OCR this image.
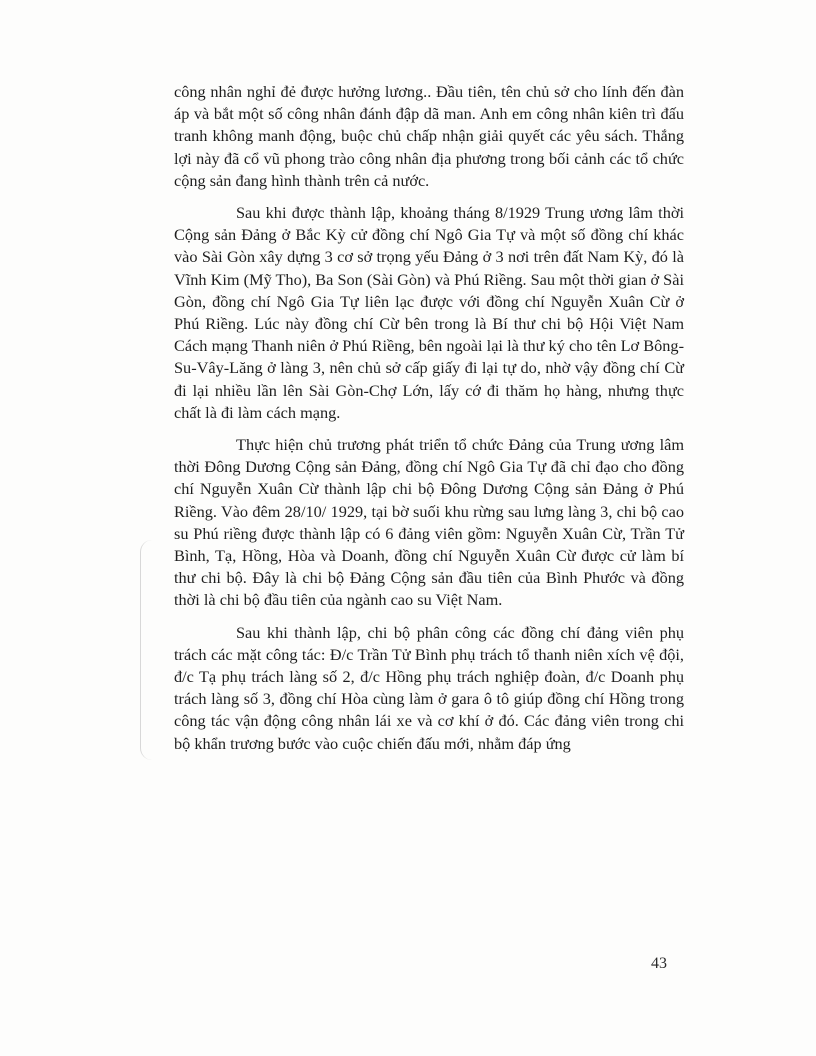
công nhân nghỉ đẻ được hưởng lương.. Đầu tiên, tên chủ sở cho lính đến đàn áp và bắt một số công nhân đánh đập dã man. Anh em công nhân kiên trì đấu tranh không manh động, buộc chủ chấp nhận giải quyết các yêu sách. Thắng lợi này đã cổ vũ phong trào công nhân địa phương trong bối cảnh các tổ chức cộng sản đang hình thành trên cả nước.

Sau khi được thành lập, khoảng tháng 8/1929 Trung ương lâm thời Cộng sản Đảng ở Bắc Kỳ cử đồng chí Ngô Gia Tự và một số đồng chí khác vào Sài Gòn xây dựng 3 cơ sở trọng yếu Đảng ở 3 nơi trên đất Nam Kỳ, đó là Vĩnh Kim (Mỹ Tho), Ba Son (Sài Gòn) và Phú Riềng. Sau một thời gian ở Sài Gòn, đồng chí Ngô Gia Tự liên lạc được với đồng chí Nguyễn Xuân Cừ ở Phú Riềng. Lúc này đồng chí Cừ bên trong là Bí thư chi bộ Hội Việt Nam Cách mạng Thanh niên ở Phú Riềng, bên ngoài lại là thư ký cho tên Lơ Bông-Su-Vây-Lăng ở làng 3, nên chủ sở cấp giấy đi lại tự do, nhờ vậy đồng chí Cừ đi lại nhiều lần lên Sài Gòn-Chợ Lớn, lấy cớ đi thăm họ hàng, nhưng thực chất là đi làm cách mạng.

Thực hiện chủ trương phát triển tổ chức Đảng của Trung ương lâm thời Đông Dương Cộng sản Đảng, đồng chí Ngô Gia Tự đã chỉ đạo cho đồng chí Nguyễn Xuân Cừ thành lập chi bộ Đông Dương Cộng sản Đảng ở Phú Riềng. Vào đêm 28/10/ 1929, tại bờ suối khu rừng sau lưng làng 3, chi bộ cao su Phú riềng được thành lập có 6 đảng viên gồm: Nguyễn Xuân Cừ, Trần Tử Bình, Tạ, Hồng, Hòa và Doanh, đồng chí Nguyễn Xuân Cừ được cử làm bí thư chi bộ. Đây là chi bộ Đảng Cộng sản đầu tiên của Bình Phước và đồng thời là chi bộ đầu tiên của ngành cao su Việt Nam.

Sau khi thành lập, chi bộ phân công các đồng chí đảng viên phụ trách các mặt công tác: Đ/c Trần Tử Bình phụ trách tổ thanh niên xích vệ đội, đ/c Tạ phụ trách làng số 2, đ/c Hồng phụ trách nghiệp đoàn, đ/c Doanh phụ trách làng số 3, đồng chí Hòa cùng làm ở gara ô tô giúp đồng chí Hồng trong công tác vận động công nhân lái xe và cơ khí ở đó. Các đảng viên trong chi bộ khẩn trương bước vào cuộc chiến đấu mới, nhằm đáp ứng

43
